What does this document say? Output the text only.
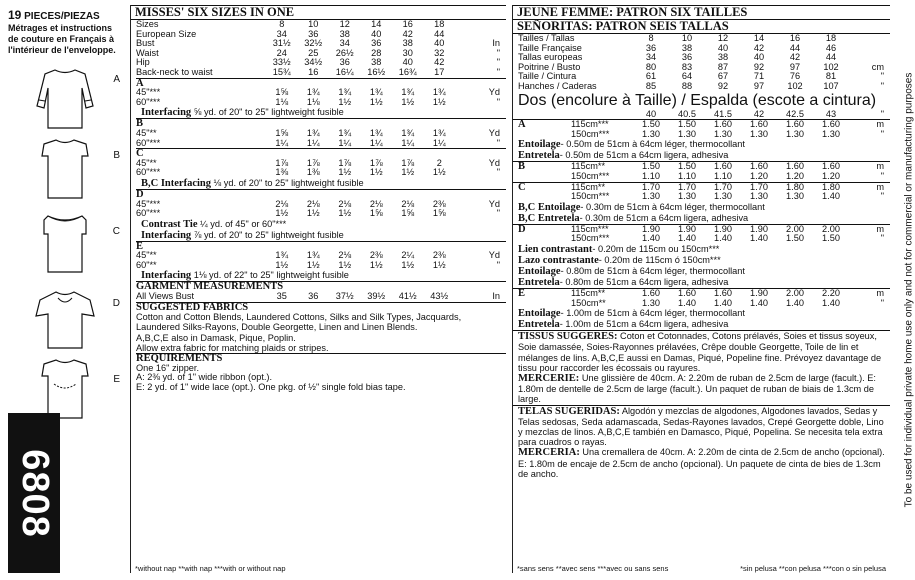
19 PIECES/PIEZAS
Métrages et instructions
de couture en Français à
l'intérieur de l'enveloppe.
A
B
C
D
E
6808
MISSES' SIX SIZES IN ONE
Sizes	8	10	12	14	16	18
European Size	34	36	38	40	42	44
Bust	31½	32½	34	36	38	40	In
Waist	24	25	26½	28	30	32	"
Hip	33½	34½	36	38	40	42	"
Back-neck to waist	15¾	16	16¼	16½	16¾	17	"
A
45"***	1⅝	1¾	1¾	1¾	1¾	1¾	Yd
60"***	1⅛	1⅛	1½	1½	1½	1½	"
Interfacing ⅝ yd. of 20" to 25" lightweight fusible
B
45"**	1⅝	1¾	1¾	1¾	1¾	1¾	Yd
60"***	1¼	1¼	1¼	1¼	1¼	1¼	"
C
45"**	1⅞	1⅞	1⅞	1⅞	1⅞	2	Yd
60"***	1⅜	1⅜	1½	1½	1½	1½	"
B,C Interfacing ⅛ yd. of 20" to 25" lightweight fusible
D
45"***	2⅛	2⅛	2⅛	2⅛	2⅛	2⅜	Yd
60"***	1½	1½	1½	1⅝	1⅝	1⅝	"
Contrast Tie ¼ yd. of 45" or 60"***
Interfacing ⅞ yd. of 20" to 25" lightweight fusible
E
45"**	1¾	1¾	2⅛	2⅜	2¼	2⅜	Yd
60"**	1½	1½	1½	1½	1½	1½	"
Interfacing 1⅛ yd. of 22" to 25" lightweight fusible
GARMENT MEASUREMENTS
All Views Bust	35	36	37½	39½	41½	43½	In
SUGGESTED FABRICS
Cotton and Cotton Blends, Laundered Cottons, Silks and Silk Types, Jacquards, Laundered Silks-Rayons, Double Georgette, Linen and Linen Blends.
A,B,C,E also in Damask, Pique, Poplin.
Allow extra fabric for matching plaids or stripes.
REQUIREMENTS
One 16" zipper.
A: 2⅜ yd. of 1" wide ribbon (opt.).
E: 2 yd. of 1" wide lace (opt.). One pkg. of ½" single fold bias tape.
*without nap **with nap ***with or without nap
JEUNE FEMME: PATRON SIX TAILLES
SEÑORITAS: PATRON SEIS TALLAS
Tailles / Tallas	8	10	12	14	16	18
Taille Française	36	38	40	42	44	46
Tallas europeas	34	36	38	40	42	44
Poitrine / Busto	80	83	87	92	97	102	cm
Taille / Cintura	61	64	67	71	76	81	"
Hanches / Caderas	85	88	92	97	102	107	"
Dos (encolure à Taille) / Espalda (escote a cintura)
40	40.5	41.5	42	42.5	43	"
A	115cm***	1.50	1.50	1.60	1.60	1.60	1.60	m
150cm***	1.30	1.30	1.30	1.30	1.30	1.30	"
Entoilage- 0.50m de 51cm à 64cm léger, thermocollant
Entretela- 0.50m de 51cm a 64cm ligera, adhesiva
B	115cm**	1.50	1.50	1.60	1.60	1.60	1.60	m
150cm***	1.10	1.10	1.10	1.20	1.20	1.20	"
C	115cm**	1.70	1.70	1.70	1.70	1.80	1.80	m
150cm***	1.30	1.30	1.30	1.30	1.30	1.40	"
B,C Entoilage- 0.30m de 51cm à 64cm léger, thermocollant
B,C Entretela- 0.30m de 51cm a 64cm ligera, adhesiva
D	115cm***	1.90	1.90	1.90	1.90	2.00	2.00	m
150cm***	1.40	1.40	1.40	1.40	1.50	1.50	"
Lien contrastant- 0.20m de 115cm ou 150cm***
Lazo contrastante- 0.20m de 115cm ó 150cm***
Entoilage- 0.80m de 51cm à 64cm léger, thermocollant
Entretela- 0.80m de 51cm a 64cm ligera, adhesiva
E	115cm**	1.60	1.60	1.60	1.90	2.00	2.20	m
150cm**	1.30	1.40	1.40	1.40	1.40	1.40	"
Entoilage- 1.00m de 51cm à 64cm léger, thermocollant
Entretela- 1.00m de 51cm a 64cm ligera, adhesiva
TISSUS SUGGERES: Coton et Cotonnades, Cotons prélavés, Soies et tissus soyeux, Soie damassée, Soies-Rayonnes prélavées, Crêpe double Georgette, Toile de lin et mélanges de lins. A,B,C,E aussi en Damas, Piqué, Popeline fine. Prévoyez davantage de tissu pour raccorder les écossais ou rayures.
MERCERIE: Une glissière de 40cm. A: 2.20m de ruban de 2.5cm de large (facult.). E: 1.80m de dentelle de 2.5cm de large (facult.). Un paquet de ruban de biais de 1.3cm de large.
TELAS SUGERIDAS: Algodón y mezclas de algodones, Algodones lavados, Sedas y Telas sedosas, Seda adamascada, Sedas-Rayones lavados, Crepé Georgette doble, Lino y mezclas de linos. A,B,C,E también en Damasco, Piqué, Popelina. Se necesita tela extra para cuadros o rayas.
MERCERIA: Una cremallera de 40cm. A: 2.20m de cinta de 2.5cm de ancho (opcional). E: 1.80m de encaje de 2.5cm de ancho (opcional). Un paquete de cinta de bies de 1.3cm de ancho.
*sans sens **avec sens ***avec ou sans sens	*sin pelusa **con pelusa ***con o sin pelusa
To be used for individual private home use only and not for commercial or manufacturing purposes
